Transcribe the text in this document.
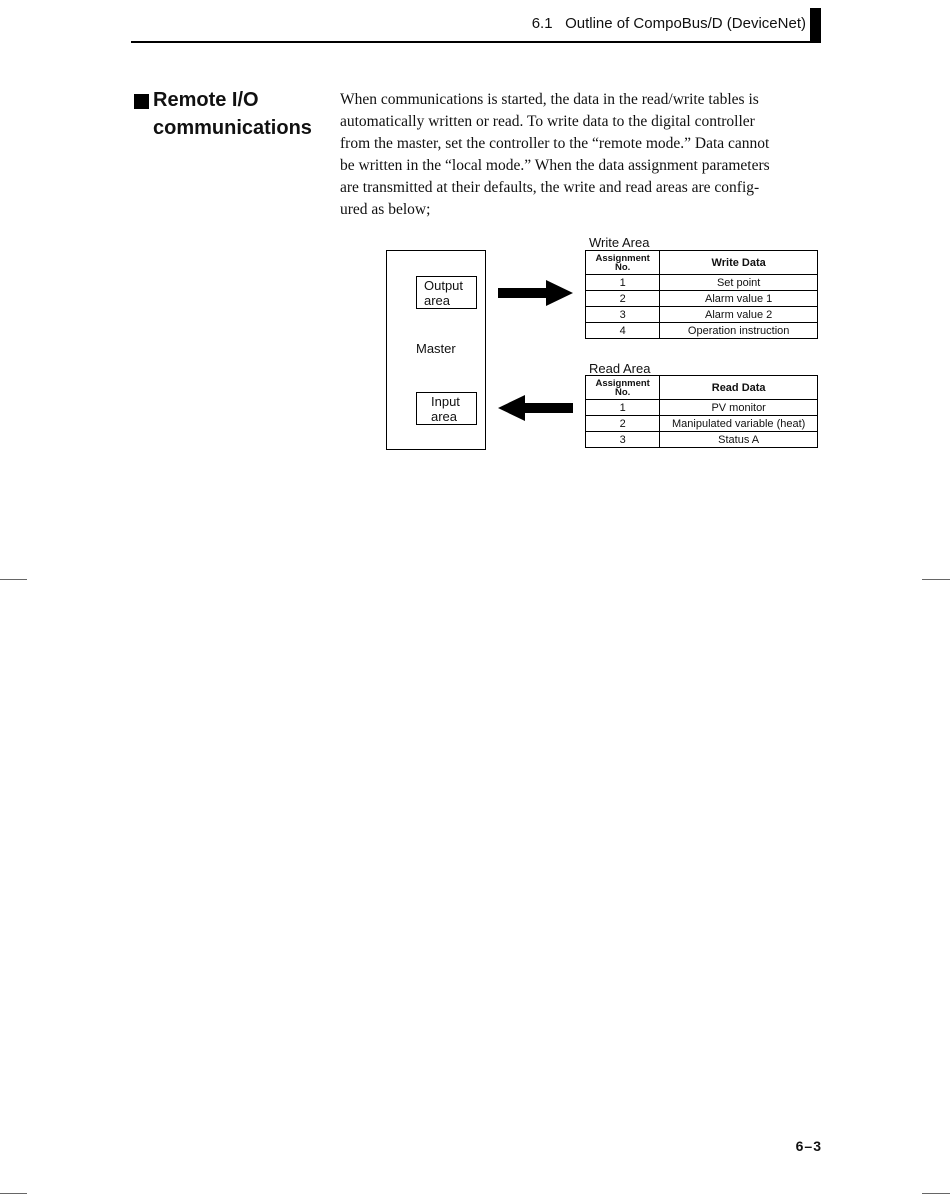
6.1 Outline of CompoBus/D (DeviceNet)
Remote I/O
communications
When communications is started, the data in the read/write tables is
automatically written or read. To write data to the digital controller
from the master, set the controller to the “remote mode.” Data cannot
be written in the “local mode.” When the data assignment parameters
are transmitted at their defaults, the write and read areas are config-
ured as below;
Output
area
Master
Input
area
Write Area
Assignment
No.	Write Data
1	Set point
2	Alarm value 1
3	Alarm value 2
4	Operation instruction
Read Area
Assignment
No.	Read Data
1	PV monitor
2	Manipulated variable (heat)
3	Status A
6–3
